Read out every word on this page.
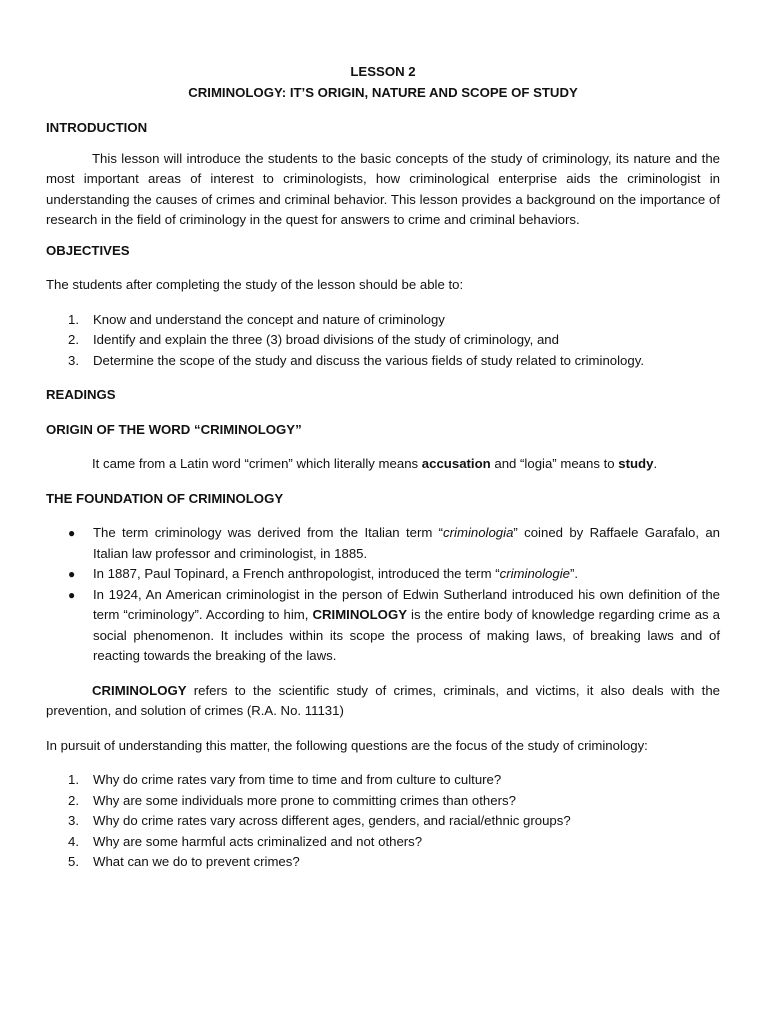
LESSON 2

CRIMINOLOGY: IT’S ORIGIN, NATURE AND SCOPE OF STUDY

INTRODUCTION

This lesson will introduce the students to the basic concepts of the study of criminology, its nature and the most important areas of interest to criminologists, how criminological enterprise aids the criminologist in understanding the causes of crimes and criminal behavior. This lesson provides a background on the importance of research in the field of criminology in the quest for answers to crime and criminal behaviors.

OBJECTIVES

The students after completing the study of the lesson should be able to:

1.	Know and understand the concept and nature of criminology
2.	Identify and explain the three (3) broad divisions of the study of criminology, and
3.	Determine the scope of the study and discuss the various fields of study related to criminology.

READINGS

ORIGIN OF THE WORD “CRIMINOLOGY”

It came from a Latin word “crimen” which literally means accusation and “logia” means to study.

THE FOUNDATION OF CRIMINOLOGY

● The term criminology was derived from the Italian term “criminologia” coined by Raffaele Garafalo, an Italian law professor and criminologist, in 1885.
● In 1887, Paul Topinard, a French anthropologist, introduced the term “criminologie”.
● In 1924, An American criminologist in the person of Edwin Sutherland introduced his own definition of the term “criminology”. According to him, CRIMINOLOGY is the entire body of knowledge regarding crime as a social phenomenon. It includes within its scope the process of making laws, of breaking laws and of reacting towards the breaking of the laws.

CRIMINOLOGY refers to the scientific study of crimes, criminals, and victims, it also deals with the prevention, and solution of crimes (R.A. No. 11131)

In pursuit of understanding this matter, the following questions are the focus of the study of criminology:

1.	Why do crime rates vary from time to time and from culture to culture?
2.	Why are some individuals more prone to committing crimes than others?
3.	Why do crime rates vary across different ages, genders, and racial/ethnic groups?
4.	Why are some harmful acts criminalized and not others?
5.	What can we do to prevent crimes?
